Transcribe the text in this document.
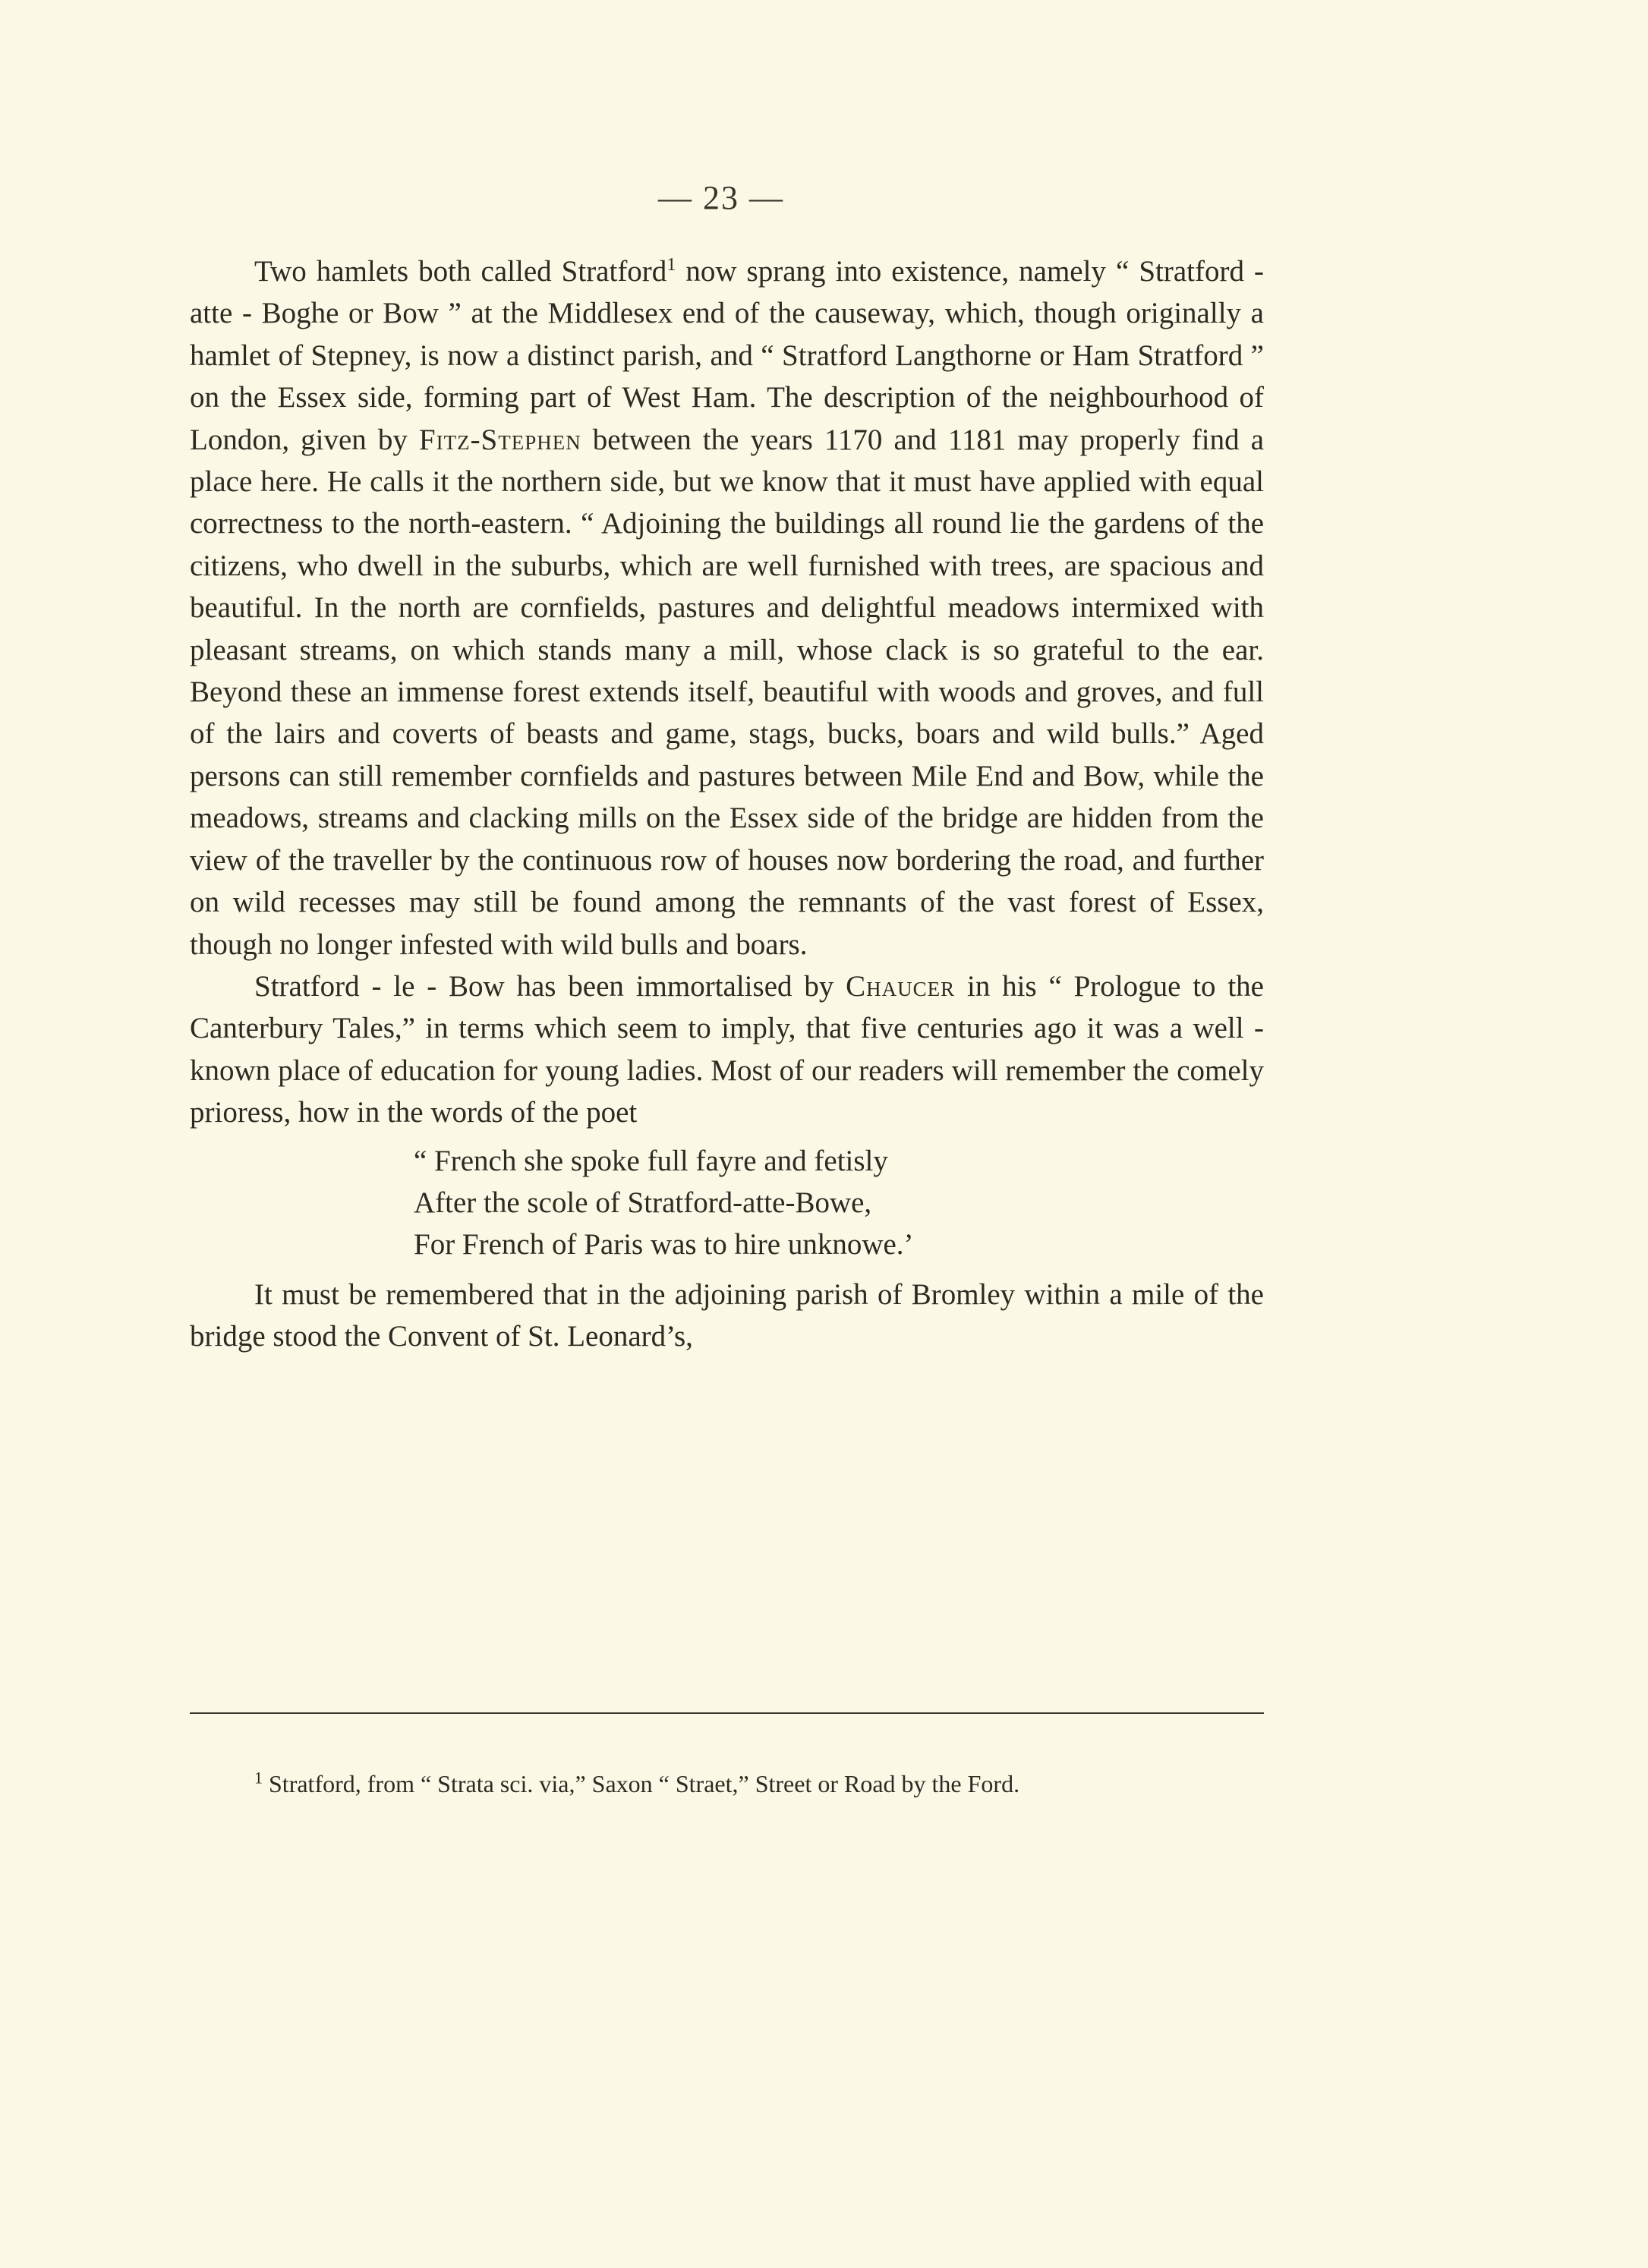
— 23 —

Two hamlets both called Stratford$^1$ now sprang into existence, namely “ Stratford - atte - Boghe or Bow ” at the Middlesex end of the causeway, which, though originally a hamlet of Stepney, is now a distinct parish, and “ Stratford Langthorne or Ham Stratford ” on the Essex side, forming part of West Ham. The description of the neighbourhood of London, given by Fitz-Stephen between the years 1170 and 1181 may properly find a place here. He calls it the northern side, but we know that it must have applied with equal correctness to the north-eastern. “ Adjoining the buildings all round lie the gardens of the citizens, who dwell in the suburbs, which are well furnished with trees, are spacious and beautiful. In the north are cornfields, pastures and delightful meadows intermixed with pleasant streams, on which stands many a mill, whose clack is so grateful to the ear. Beyond these an immense forest extends itself, beautiful with woods and groves, and full of the lairs and coverts of beasts and game, stags, bucks, boars and wild bulls.” Aged persons can still remember cornfields and pastures between Mile End and Bow, while the meadows, streams and clacking mills on the Essex side of the bridge are hidden from the view of the traveller by the continuous row of houses now bordering the road, and further on wild recesses may still be found among the remnants of the vast forest of Essex, though no longer infested with wild bulls and boars.

Stratford - le - Bow has been immortalised by Chaucer in his “ Prologue to the Canterbury Tales,” in terms which seem to imply, that five centuries ago it was a well - known place of education for young ladies. Most of our readers will remember the comely prioress, how in the words of the poet

“ French she spoke full fayre and fetisly
After the scole of Stratford-atte-Bowe,
For French of Paris was to hire unknowe.’

It must be remembered that in the adjoining parish of Bromley within a mile of the bridge stood the Convent of St. Leonard’s,

$^1$ Stratford, from “ Strata sci. via,” Saxon “ Straet,” Street or Road by the Ford.
